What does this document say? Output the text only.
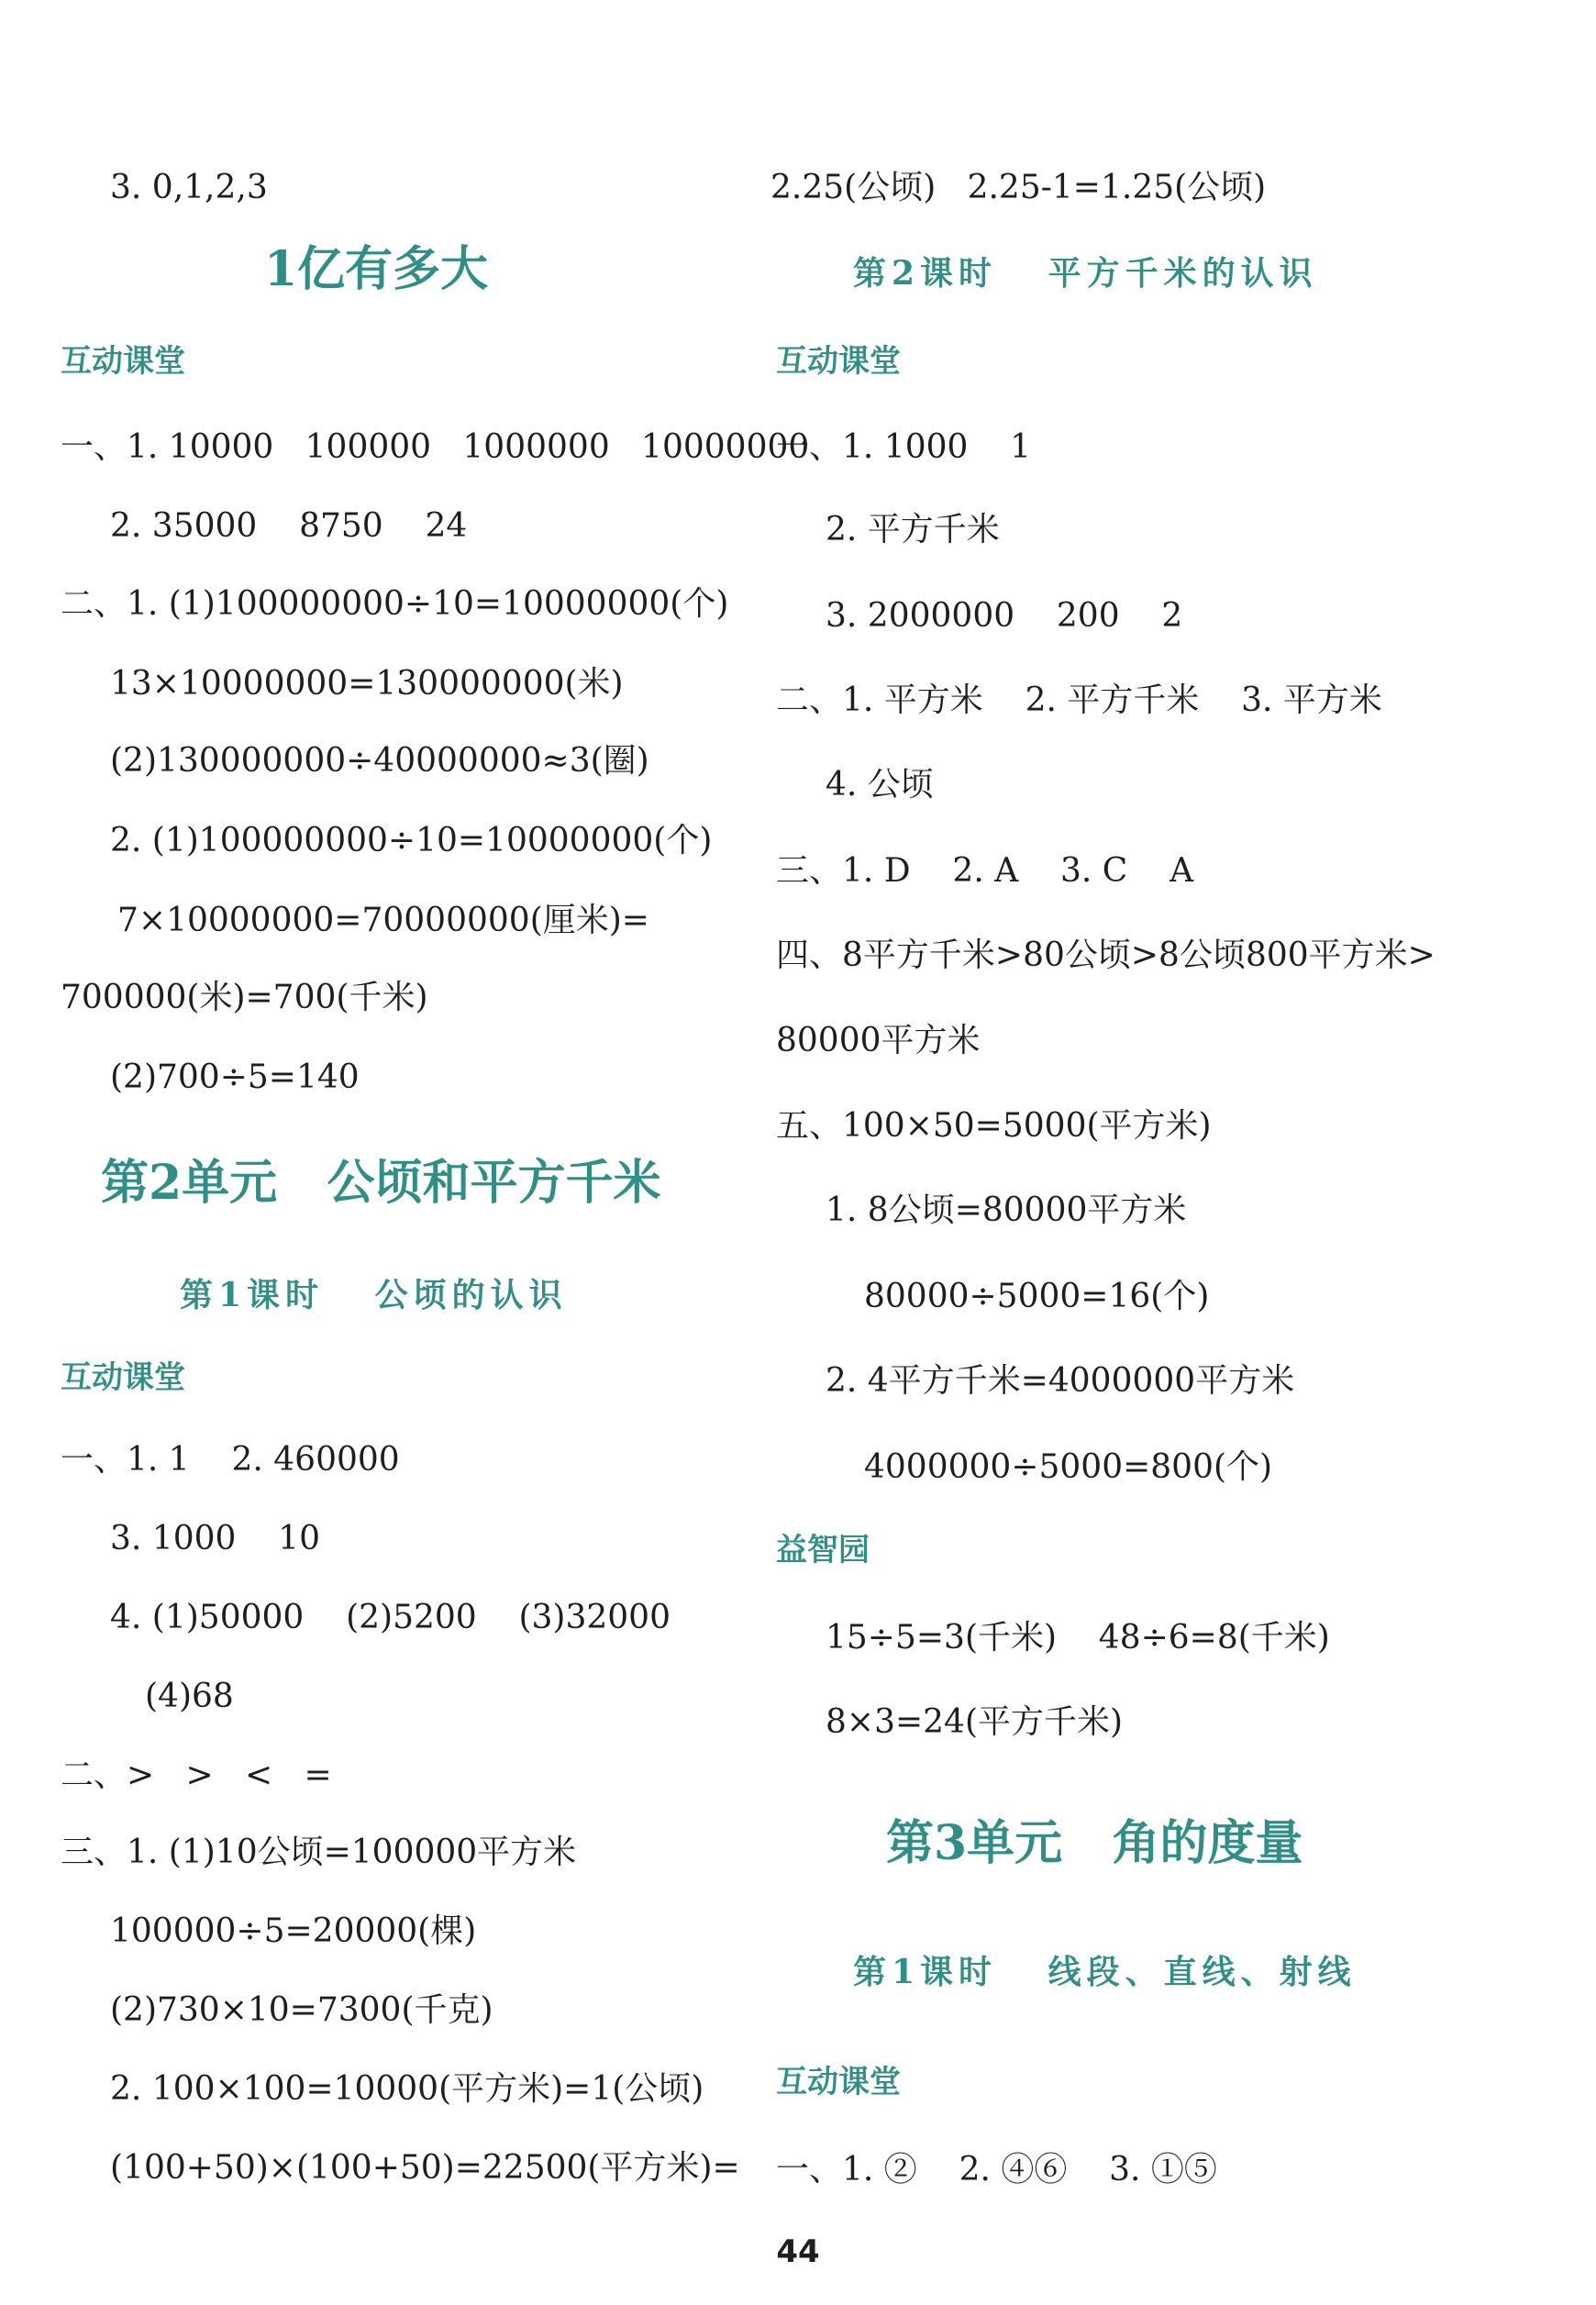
3. 0,1,2,3
1亿有多大
互动课堂
一、1. 10000   100000   1000000   10000000
2. 35000    8750    24
二、1. (1)100000000÷10=10000000(个)
13×10000000=130000000(米)
(2)130000000÷40000000≈3(圈)
2. (1)100000000÷10=10000000(个)
7×10000000=70000000(厘米)=
700000(米)=700(千米)
(2)700÷5=140
第2单元   公顷和平方千米
第1课时   公顷的认识
互动课堂
一、1. 1    2. 460000
3. 1000    10
4. (1)50000    (2)5200    (3)32000
(4)68
二、>   >   <   =
三、1. (1)10公顷=100000平方米
100000÷5=20000(棵)
(2)730×10=7300(千克)
2. 100×100=10000(平方米)=1(公顷)
(100+50)×(100+50)=22500(平方米)=
2.25(公顷)   2.25-1=1.25(公顷)
第2课时   平方千米的认识
互动课堂
一、1. 1000    1
2. 平方千米
3. 2000000    200    2
二、1. 平方米    2. 平方千米    3. 平方米
4. 公顷
三、1. D    2. A    3. C    A
四、8平方千米>80公顷>8公顷800平方米>
80000平方米
五、100×50=5000(平方米)
1. 8公顷=80000平方米
80000÷5000=16(个)
2. 4平方千米=4000000平方米
4000000÷5000=800(个)
益智园
15÷5=3(千米)    48÷6=8(千米)
8×3=24(平方千米)
第3单元   角的度量
第1课时   线段、直线、射线
互动课堂
一、1. ②    2. ④⑥    3. ①⑤
44
